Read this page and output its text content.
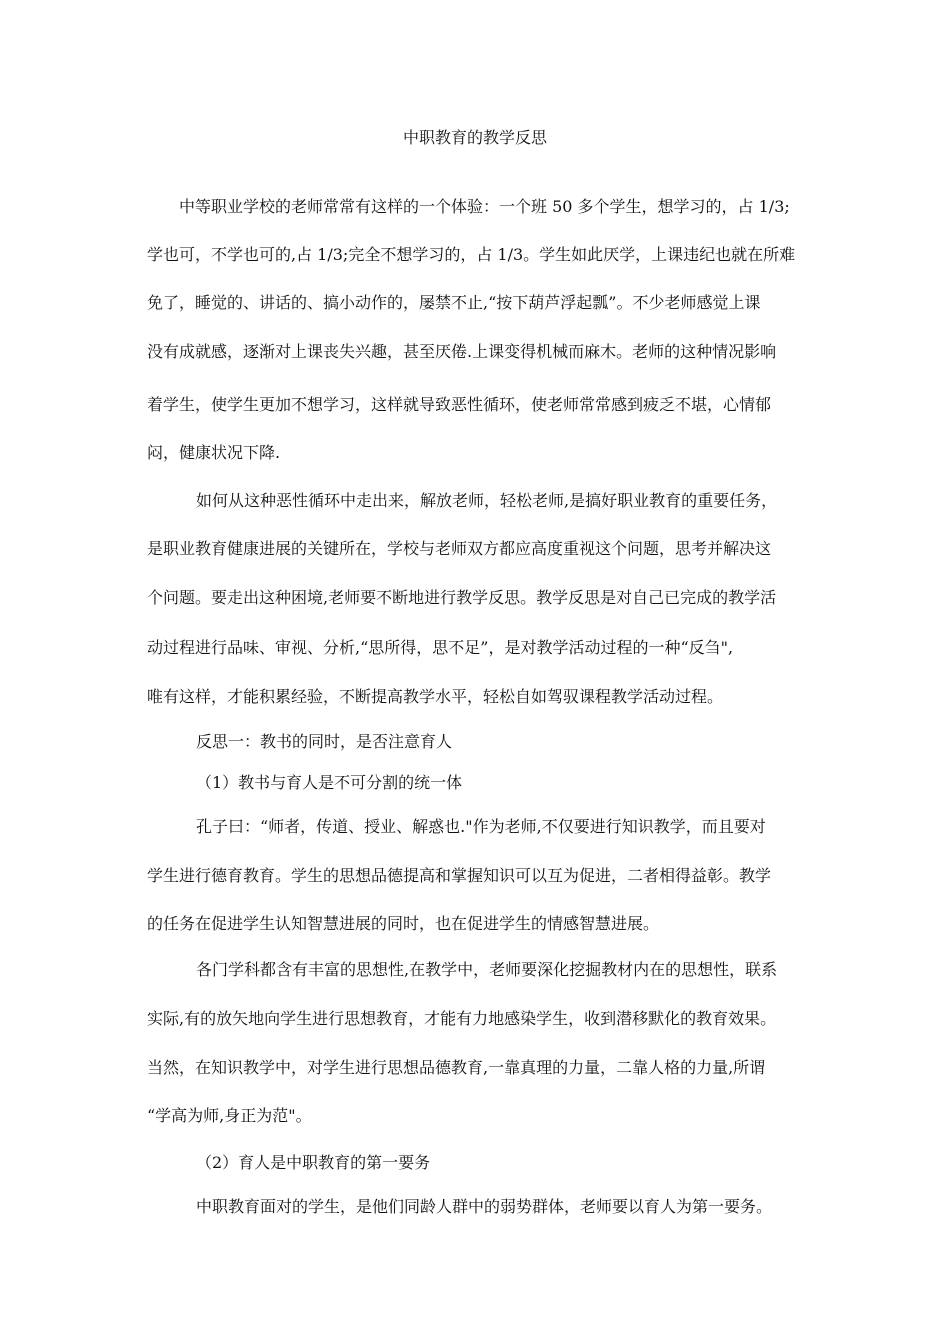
中职教育的教学反思
中等职业学校的老师常常有这样的一个体验：一个班 50 多个学生，想学习的，占 1/3;
学也可，不学也可的,占 1/3;完全不想学习的，占 1/3。学生如此厌学，上课违纪也就在所难
免了，睡觉的、讲话的、搞小动作的，屡禁不止,“按下葫芦浮起瓢”。不少老师感觉上课
没有成就感，逐渐对上课丧失兴趣，甚至厌倦.上课变得机械而麻木。老师的这种情况影响
着学生，使学生更加不想学习，这样就导致恶性循环，使老师常常感到疲乏不堪，心情郁
闷，健康状况下降.
如何从这种恶性循环中走出来，解放老师，轻松老师,是搞好职业教育的重要任务，
是职业教育健康进展的关键所在，学校与老师双方都应高度重视这个问题，思考并解决这
个问题。要走出这种困境,老师要不断地进行教学反思。教学反思是对自己已完成的教学活
动过程进行品味、审视、分析,“思所得，思不足”，是对教学活动过程的一种“反刍",
唯有这样，才能积累经验，不断提高教学水平，轻松自如驾驭课程教学活动过程。
反思一：教书的同时，是否注意育人
（1）教书与育人是不可分割的统一体
孔子曰：“师者，传道、授业、解惑也."作为老师,不仅要进行知识教学，而且要对
学生进行德育教育。学生的思想品德提高和掌握知识可以互为促进，二者相得益彰。教学
的任务在促进学生认知智慧进展的同时，也在促进学生的情感智慧进展。
各门学科都含有丰富的思想性,在教学中，老师要深化挖掘教材内在的思想性，联系
实际,有的放矢地向学生进行思想教育，才能有力地感染学生，收到潜移默化的教育效果。
当然，在知识教学中，对学生进行思想品德教育,一靠真理的力量，二靠人格的力量,所谓
“学高为师,身正为范"。
（2）育人是中职教育的第一要务
中职教育面对的学生，是他们同龄人群中的弱势群体，老师要以育人为第一要务。
